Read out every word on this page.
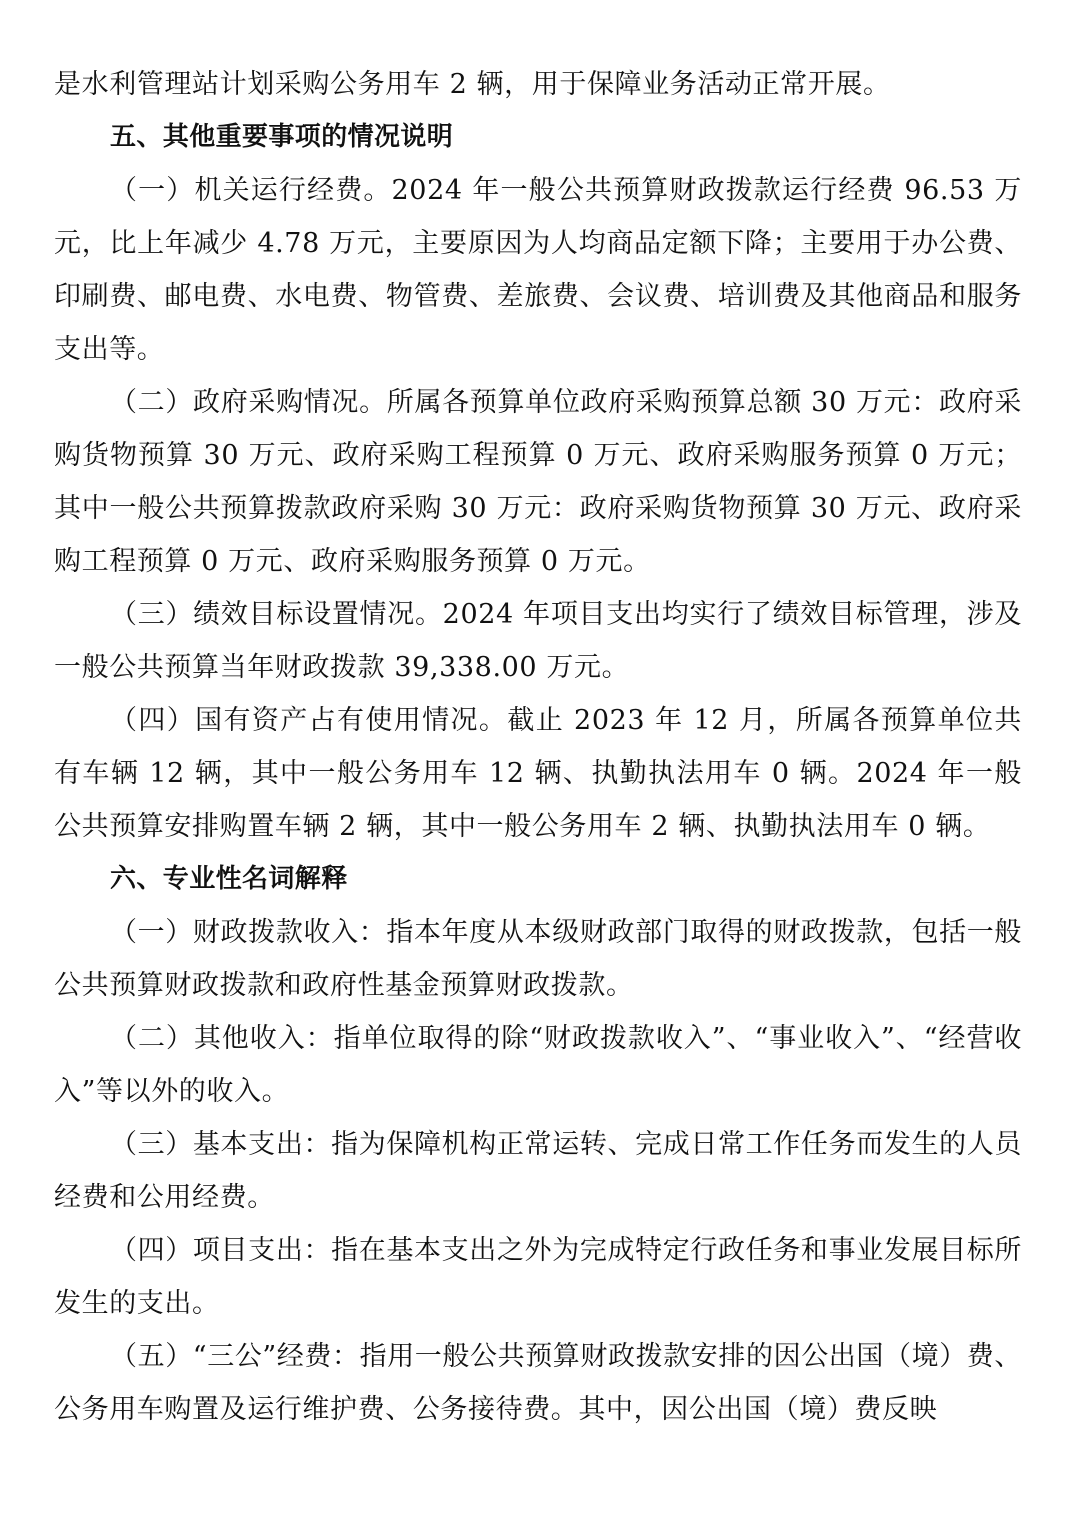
是水利管理站计划采购公务用车 2 辆，用于保障业务活动正常开展。

五、其他重要事项的情况说明

（一）机关运行经费。2024 年一般公共预算财政拨款运行经费 96.53 万元，比上年减少 4.78 万元，主要原因为人均商品定额下降；主要用于办公费、印刷费、邮电费、水电费、物管费、差旅费、会议费、培训费及其他商品和服务支出等。

（二）政府采购情况。所属各预算单位政府采购预算总额 30 万元：政府采购货物预算 30 万元、政府采购工程预算 0 万元、政府采购服务预算 0 万元；其中一般公共预算拨款政府采购 30 万元：政府采购货物预算 30 万元、政府采购工程预算 0 万元、政府采购服务预算 0 万元。

（三）绩效目标设置情况。2024 年项目支出均实行了绩效目标管理，涉及一般公共预算当年财政拨款 39,338.00 万元。

（四）国有资产占有使用情况。截止 2023 年 12 月，所属各预算单位共有车辆 12 辆，其中一般公务用车 12 辆、执勤执法用车 0 辆。2024 年一般公共预算安排购置车辆 2 辆，其中一般公务用车 2 辆、执勤执法用车 0 辆。

六、专业性名词解释

（一）财政拨款收入：指本年度从本级财政部门取得的财政拨款，包括一般公共预算财政拨款和政府性基金预算财政拨款。

（二）其他收入：指单位取得的除“财政拨款收入”、“事业收入”、“经营收入”等以外的收入。

（三）基本支出：指为保障机构正常运转、完成日常工作任务而发生的人员经费和公用经费。

（四）项目支出：指在基本支出之外为完成特定行政任务和事业发展目标所发生的支出。

（五）“三公”经费：指用一般公共预算财政拨款安排的因公出国（境）费、公务用车购置及运行维护费、公务接待费。其中，因公出国（境）费反映
